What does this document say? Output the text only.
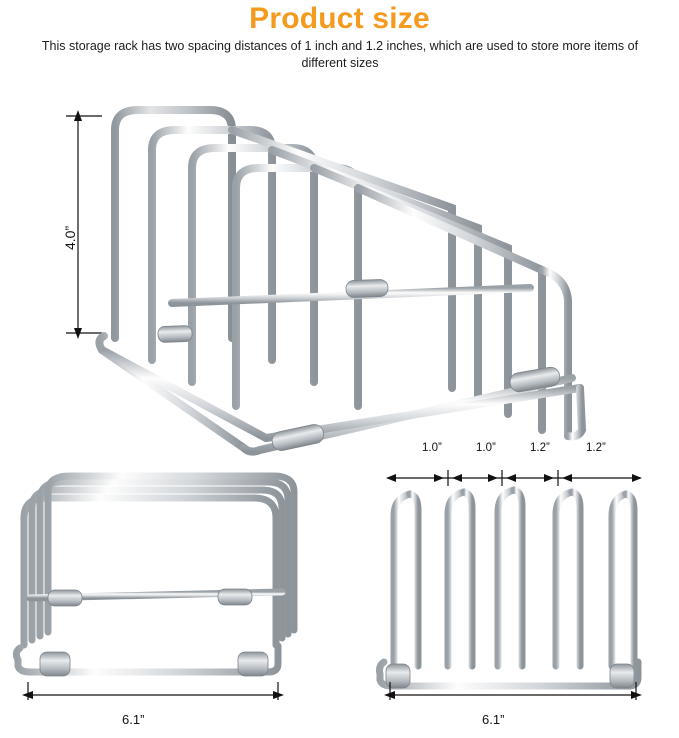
Product size
This storage rack has two spacing distances of 1 inch and 1.2 inches, which are used to store more items of different sizes
4.0”
6.1”
1.0”	1.0”	1.2”	1.2”
6.1”
